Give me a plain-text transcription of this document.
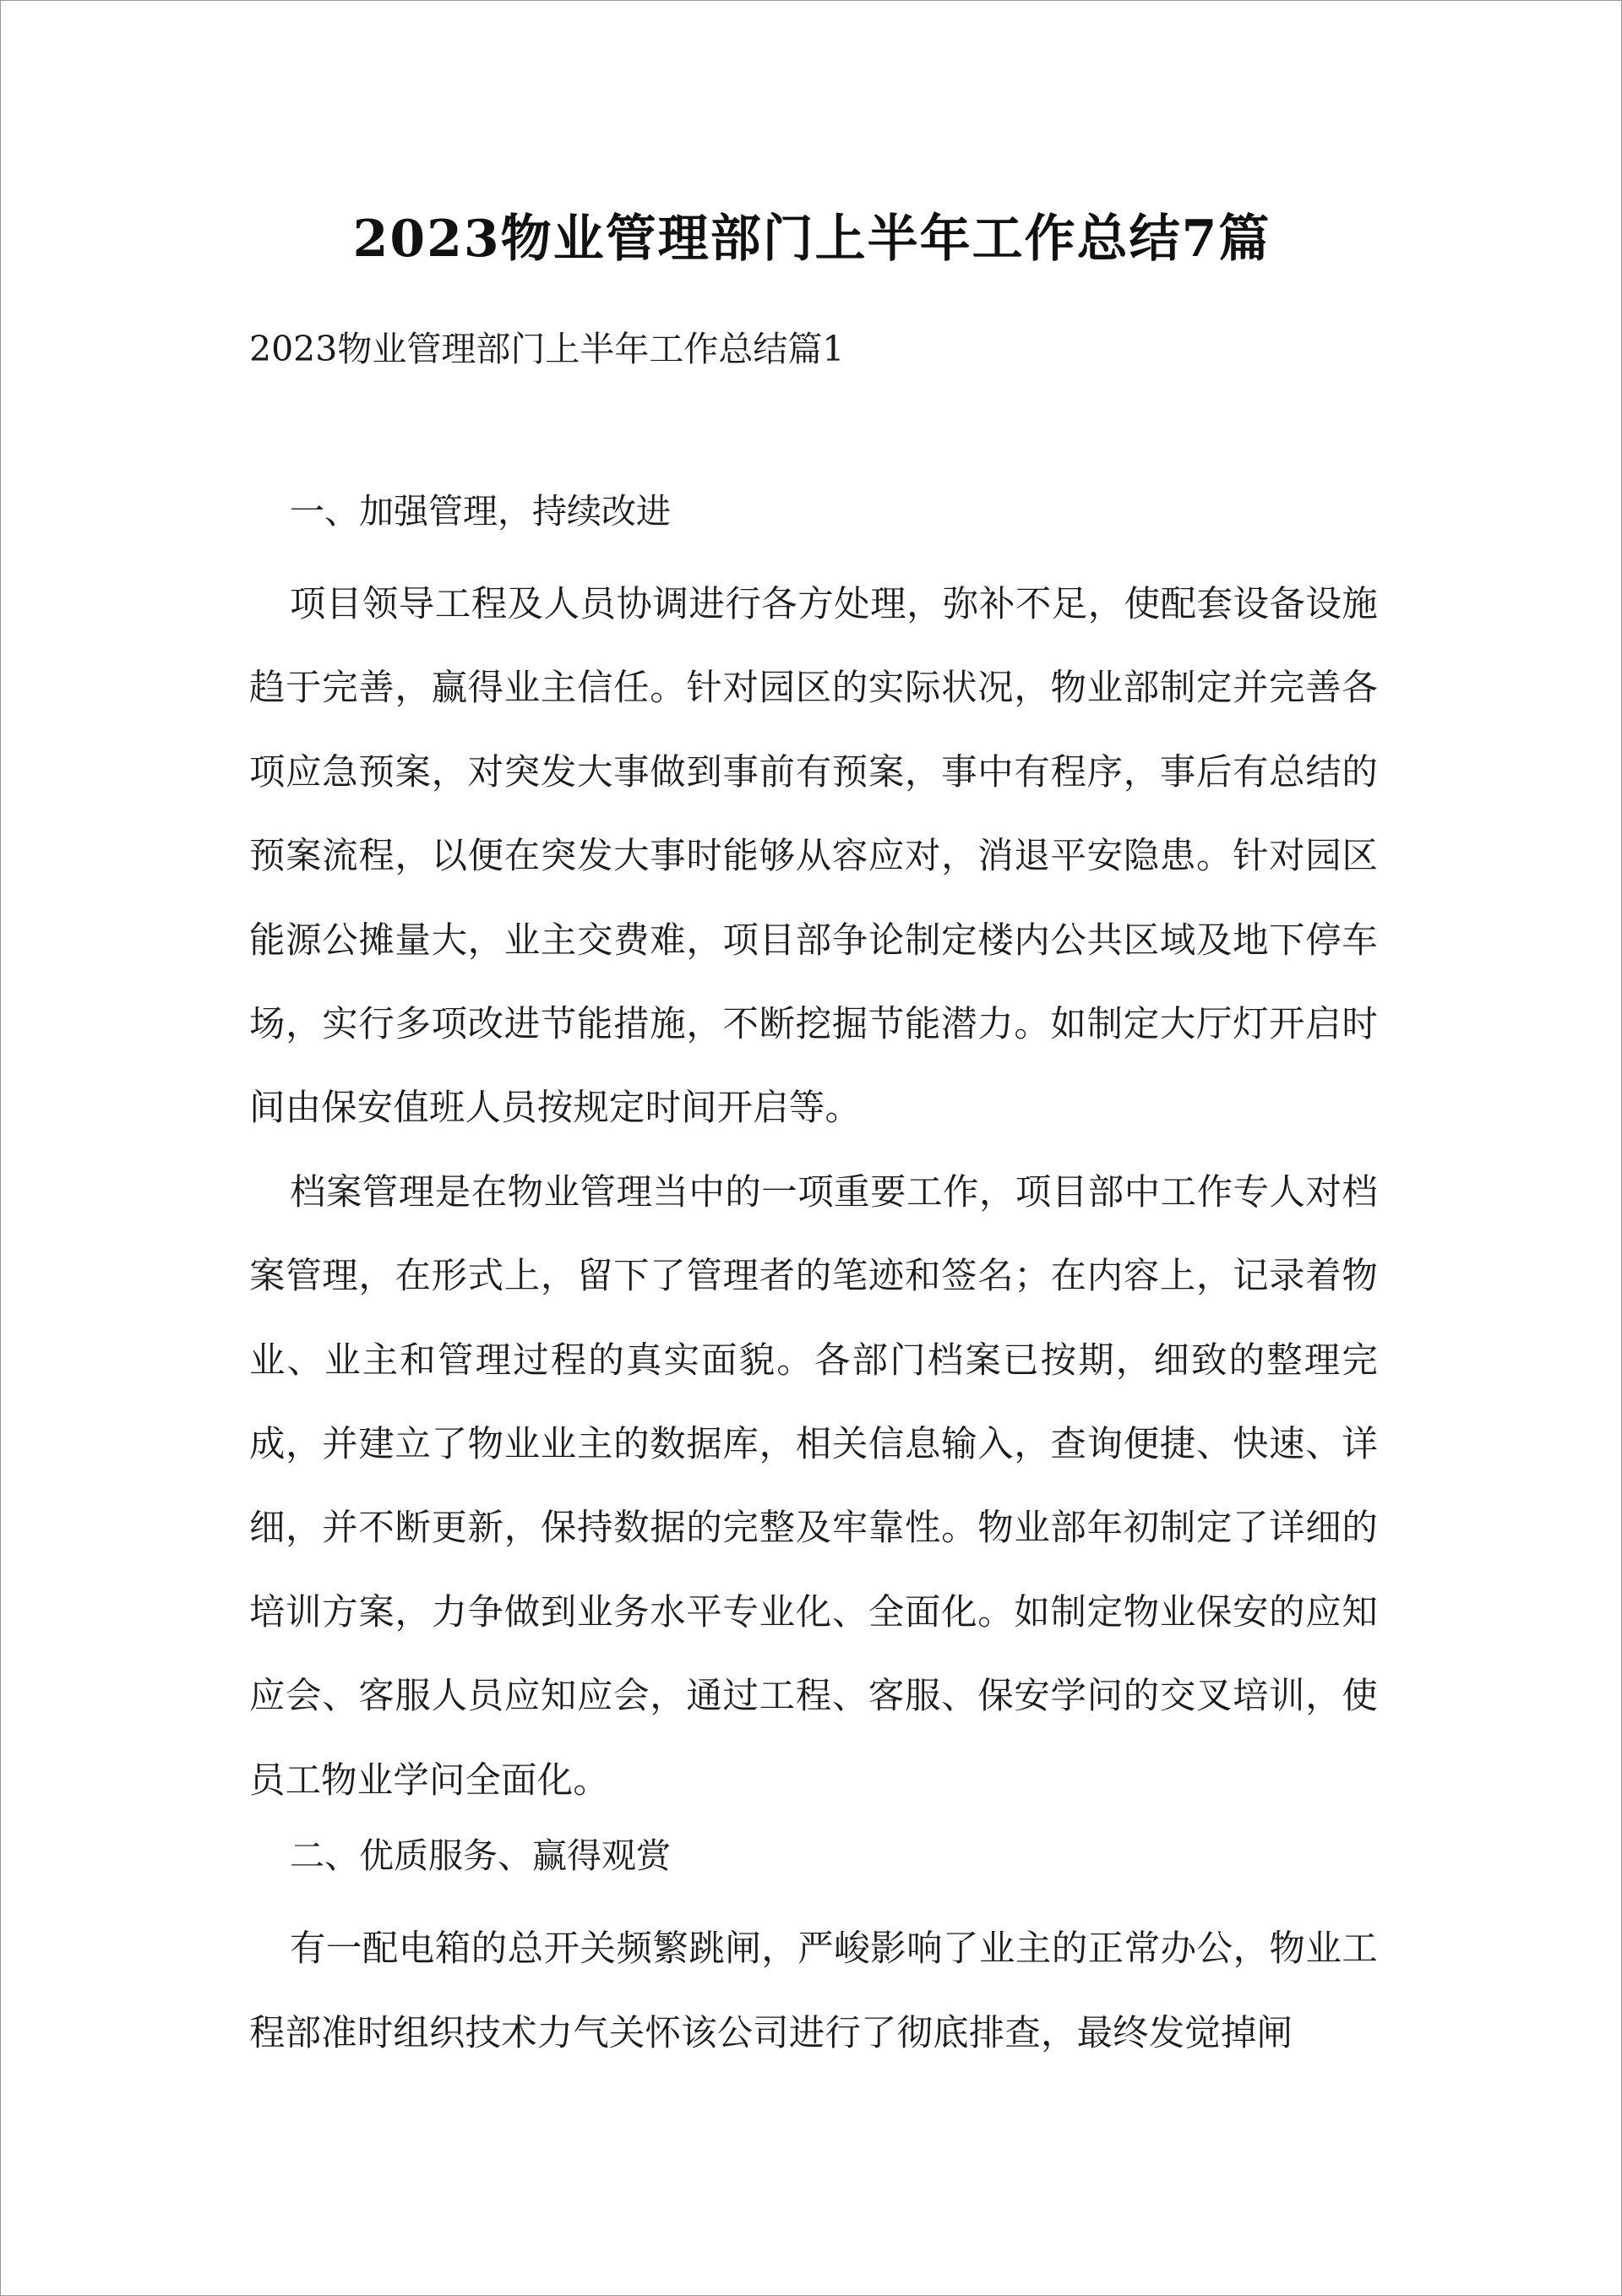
2023物业管理部门上半年工作总结7篇
2023物业管理部门上半年工作总结篇1
一、加强管理，持续改进

项目领导工程及人员协调进行各方处理，弥补不足，使配套设备设施趋于完善，赢得业主信任。针对园区的实际状况，物业部制定并完善各项应急预案，对突发大事做到事前有预案，事中有程序，事后有总结的预案流程，以便在突发大事时能够从容应对，消退平安隐患。针对园区能源公摊量大，业主交费难，项目部争论制定楼内公共区域及地下停车场，实行多项改进节能措施，不断挖掘节能潜力。如制定大厅灯开启时间由保安值班人员按规定时间开启等。

档案管理是在物业管理当中的一项重要工作，项目部中工作专人对档案管理，在形式上，留下了管理者的笔迹和签名；在内容上，记录着物业、业主和管理过程的真实面貌。各部门档案已按期，细致的整理完成，并建立了物业业主的数据库，相关信息输入，查询便捷、快速、详细，并不断更新，保持数据的完整及牢靠性。物业部年初制定了详细的培训方案，力争做到业务水平专业化、全面化。如制定物业保安的应知应会、客服人员应知应会，通过工程、客服、保安学问的交叉培训，使员工物业学问全面化。

二、优质服务、赢得观赏

有一配电箱的总开关频繁跳闸，严峻影响了业主的正常办公，物业工程部准时组织技术力气关怀该公司进行了彻底排查，最终发觉掉闸
